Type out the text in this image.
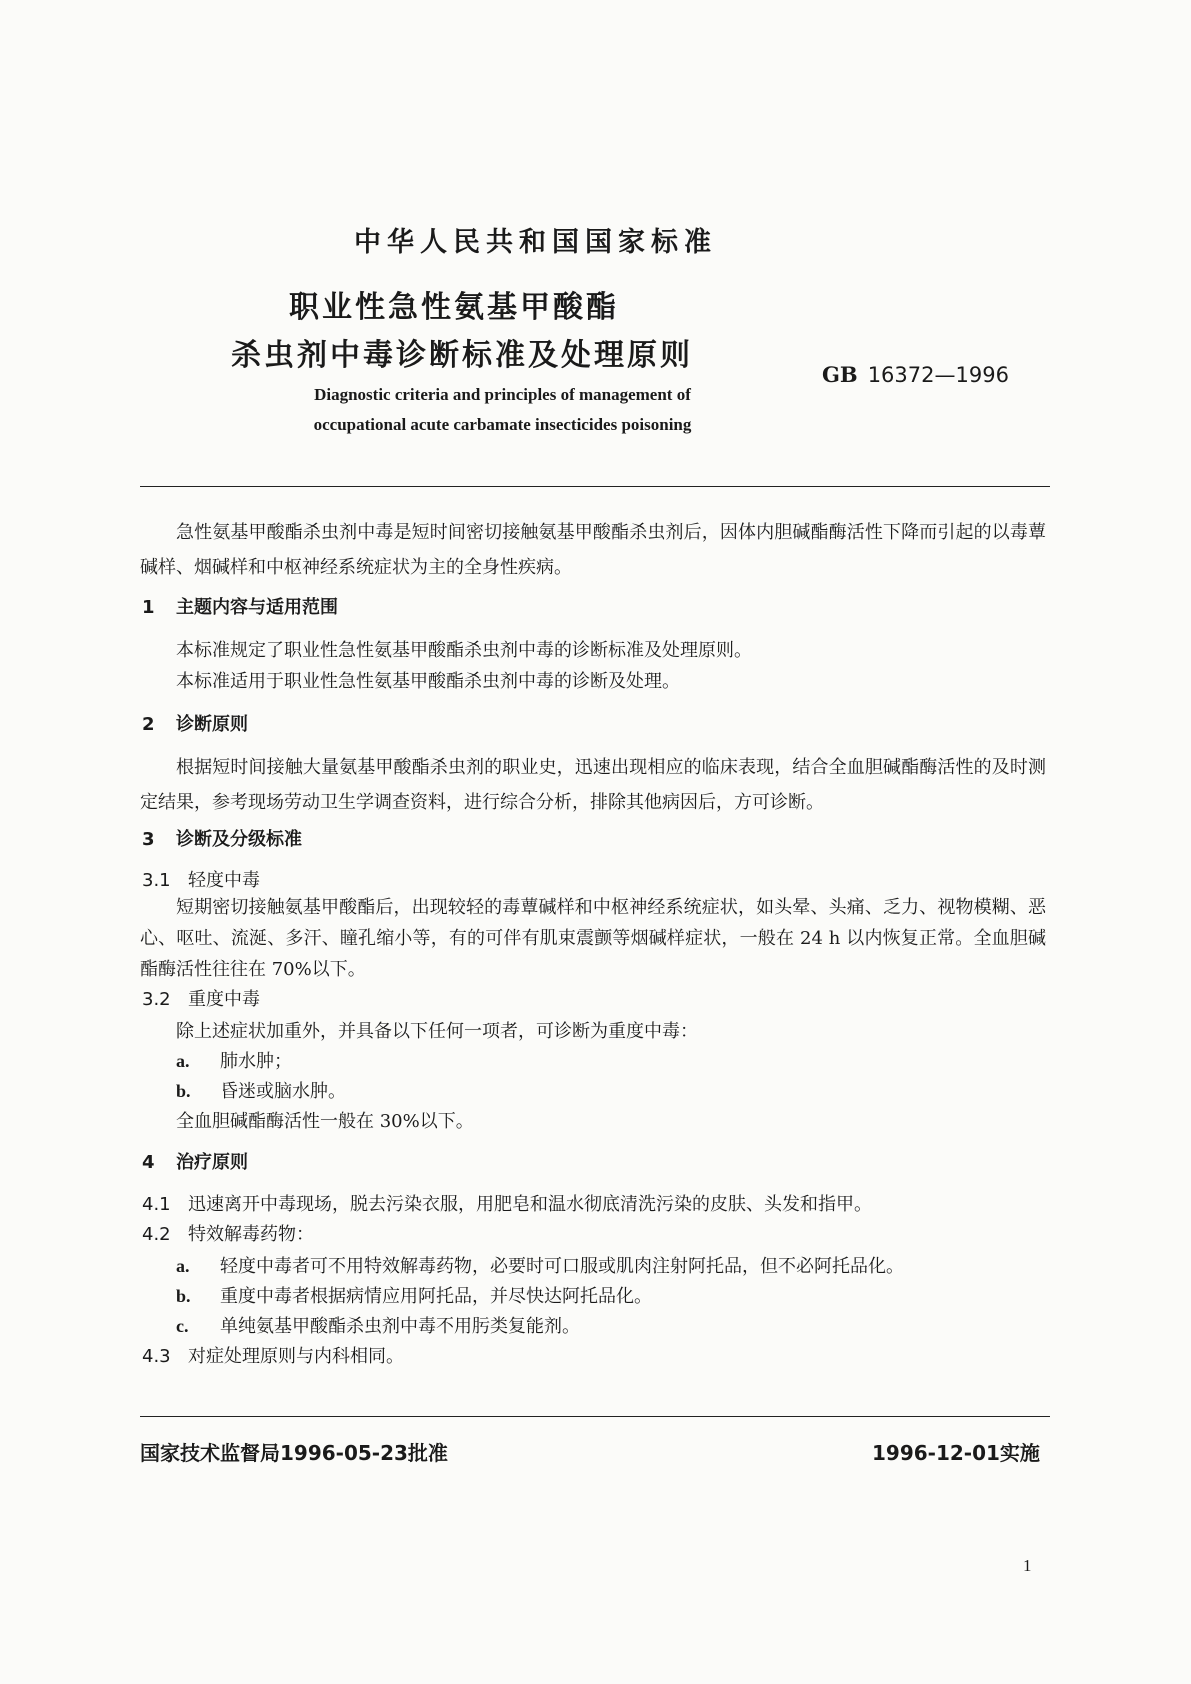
中华人民共和国国家标准
职业性急性氨基甲酸酯
杀虫剂中毒诊断标准及处理原则
GB 16372—1996
Diagnostic criteria and principles of management of
occupational acute carbamate insecticides poisoning
急性氨基甲酸酯杀虫剂中毒是短时间密切接触氨基甲酸酯杀虫剂后，因体内胆碱酯酶活性下降而引起的以毒蕈碱样、烟碱样和中枢神经系统症状为主的全身性疾病。
1 主题内容与适用范围
本标准规定了职业性急性氨基甲酸酯杀虫剂中毒的诊断标准及处理原则。
本标准适用于职业性急性氨基甲酸酯杀虫剂中毒的诊断及处理。
2 诊断原则
根据短时间接触大量氨基甲酸酯杀虫剂的职业史，迅速出现相应的临床表现，结合全血胆碱酯酶活性的及时测定结果，参考现场劳动卫生学调查资料，进行综合分析，排除其他病因后，方可诊断。
3 诊断及分级标准
3.1 轻度中毒
短期密切接触氨基甲酸酯后，出现较轻的毒蕈碱样和中枢神经系统症状，如头晕、头痛、乏力、视物模糊、恶心、呕吐、流涎、多汗、瞳孔缩小等，有的可伴有肌束震颤等烟碱样症状，一般在 24 h 以内恢复正常。全血胆碱酯酶活性往往在 70%以下。
3.2 重度中毒
除上述症状加重外，并具备以下任何一项者，可诊断为重度中毒：
a. 肺水肿；
b. 昏迷或脑水肿。
全血胆碱酯酶活性一般在 30%以下。
4 治疗原则
4.1 迅速离开中毒现场，脱去污染衣服，用肥皂和温水彻底清洗污染的皮肤、头发和指甲。
4.2 特效解毒药物：
a. 轻度中毒者可不用特效解毒药物，必要时可口服或肌肉注射阿托品，但不必阿托品化。
b. 重度中毒者根据病情应用阿托品，并尽快达阿托品化。
c. 单纯氨基甲酸酯杀虫剂中毒不用肟类复能剂。
4.3 对症处理原则与内科相同。
国家技术监督局1996-05-23批准	1996-12-01实施
1
